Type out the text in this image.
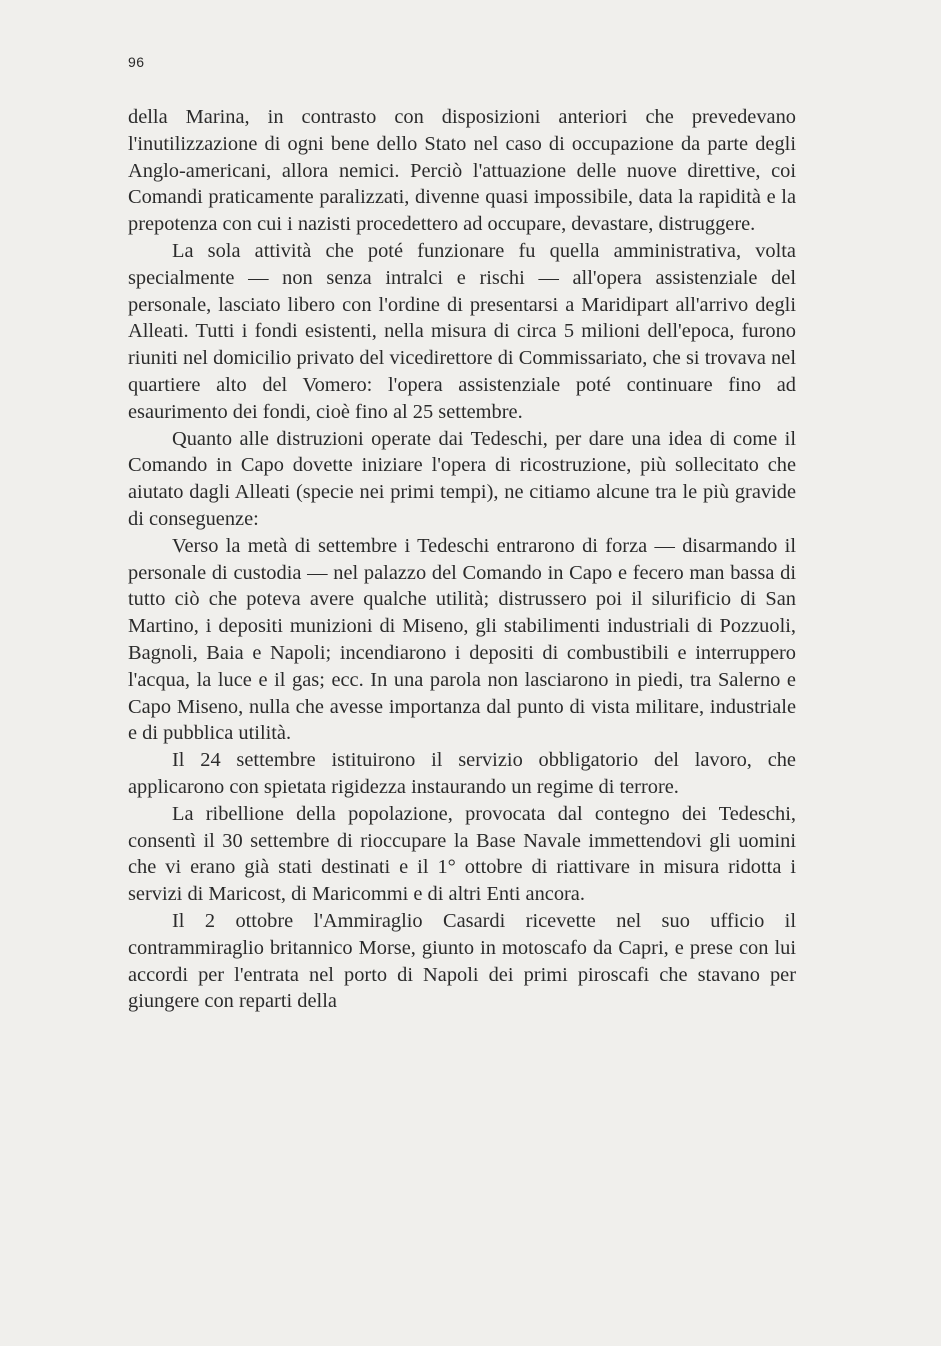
96

della Marina, in contrasto con disposizioni anteriori che prevedevano l'inutilizzazione di ogni bene dello Stato nel caso di occupazione da parte degli Anglo-americani, allora nemici. Perciò l'attuazione delle nuove direttive, coi Comandi praticamente paralizzati, divenne quasi impossibile, data la rapidità e la prepotenza con cui i nazisti procedettero ad occupare, devastare, distruggere.

La sola attività che poté funzionare fu quella amministrativa, volta specialmente — non senza intralci e rischi — all'opera assistenziale del personale, lasciato libero con l'ordine di presentarsi a Maridipart all'arrivo degli Alleati. Tutti i fondi esistenti, nella misura di circa 5 milioni dell'epoca, furono riuniti nel domicilio privato del vicedirettore di Commissariato, che si trovava nel quartiere alto del Vomero: l'opera assistenziale poté continuare fino ad esaurimento dei fondi, cioè fino al 25 settembre.

Quanto alle distruzioni operate dai Tedeschi, per dare una idea di come il Comando in Capo dovette iniziare l'opera di ricostruzione, più sollecitato che aiutato dagli Alleati (specie nei primi tempi), ne citiamo alcune tra le più gravide di conseguenze:

Verso la metà di settembre i Tedeschi entrarono di forza — disarmando il personale di custodia — nel palazzo del Comando in Capo e fecero man bassa di tutto ciò che poteva avere qualche utilità; distrussero poi il silurificio di San Martino, i depositi munizioni di Miseno, gli stabilimenti industriali di Pozzuoli, Bagnoli, Baia e Napoli; incendiarono i depositi di combustibili e interruppero l'acqua, la luce e il gas; ecc. In una parola non lasciarono in piedi, tra Salerno e Capo Miseno, nulla che avesse importanza dal punto di vista militare, industriale e di pubblica utilità.

Il 24 settembre istituirono il servizio obbligatorio del lavoro, che applicarono con spietata rigidezza instaurando un regime di terrore.

La ribellione della popolazione, provocata dal contegno dei Tedeschi, consentì il 30 settembre di rioccupare la Base Navale immettendovi gli uomini che vi erano già stati destinati e il 1° ottobre di riattivare in misura ridotta i servizi di Maricost, di Maricommi e di altri Enti ancora.

Il 2 ottobre l'Ammiraglio Casardi ricevette nel suo ufficio il contrammiraglio britannico Morse, giunto in motoscafo da Capri, e prese con lui accordi per l'entrata nel porto di Napoli dei primi piroscafi che stavano per giungere con reparti della
